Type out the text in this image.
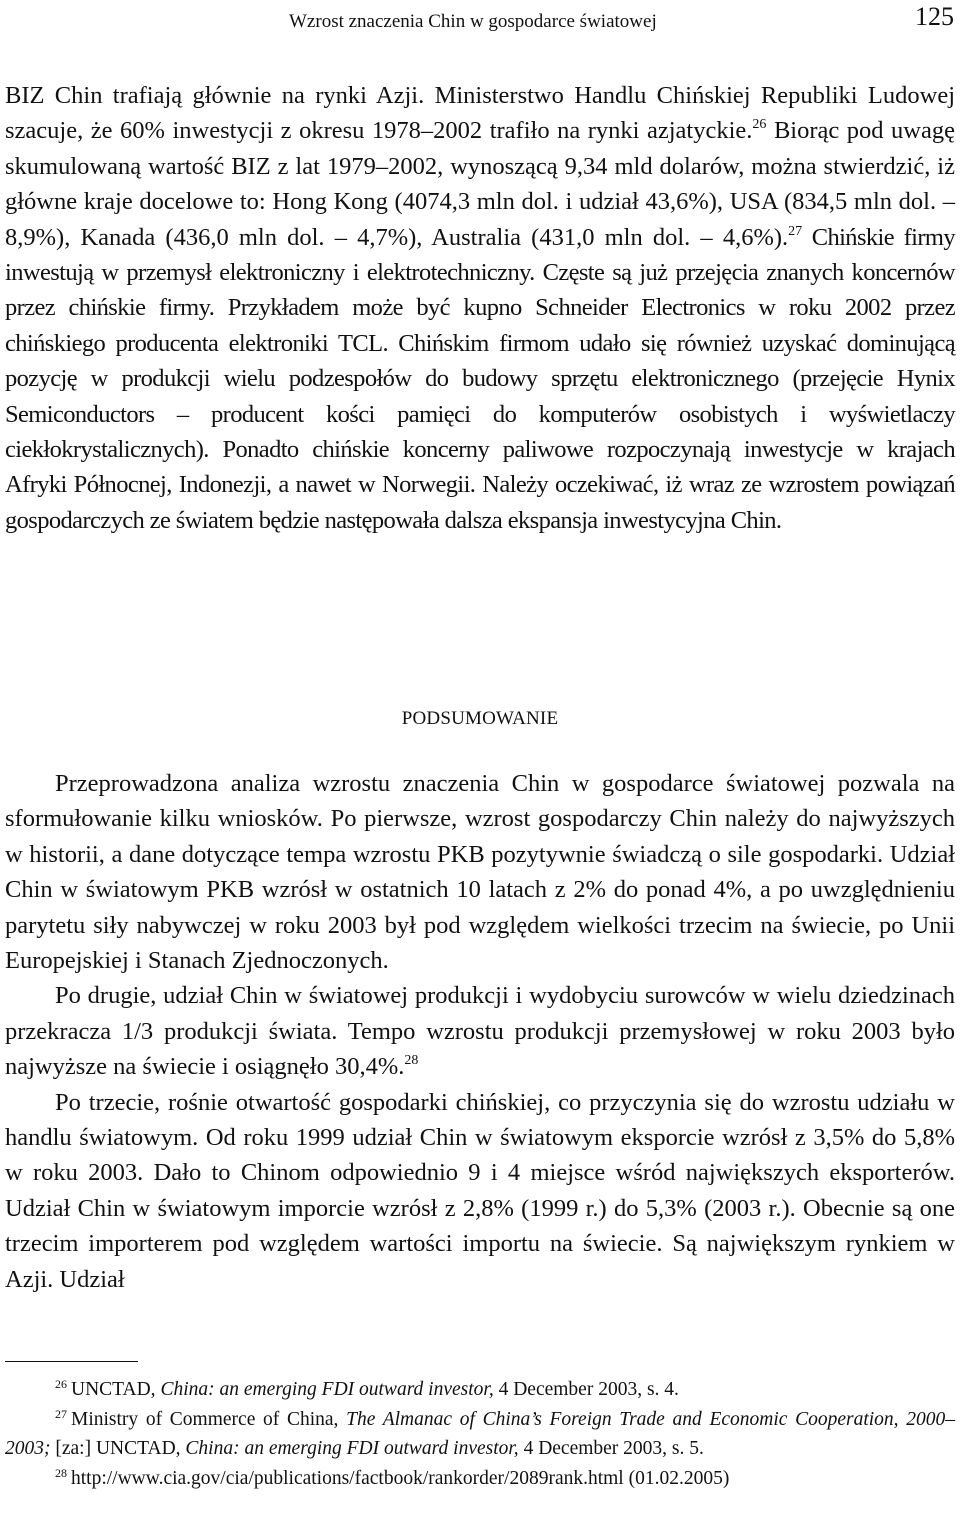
Wzrost znaczenia Chin w gospodarce światowej	125

BIZ Chin trafiają głównie na rynki Azji. Ministerstwo Handlu Chińskiej Republiki Ludowej szacuje, że 60% inwestycji z okresu 1978–2002 trafiło na rynki azjatyckie.$^{26}$ Biorąc pod uwagę skumulowaną wartość BIZ z lat 1979–2002, wynoszącą 9,34 mld dolarów, można stwierdzić, iż główne kraje docelowe to: Hong Kong (4074,3 mln dol. i udział 43,6%), USA (834,5 mln dol. – 8,9%), Kanada (436,0 mln dol. – 4,7%), Australia (431,0 mln dol. – 4,6%).$^{27}$ Chińskie firmy inwestują w przemysł elektroniczny i elektrotechniczny. Częste są już przejęcia znanych koncernów przez chińskie firmy. Przykładem może być kupno Schneider Electronics w roku 2002 przez chińskiego producenta elektroniki TCL. Chińskim firmom udało się również uzyskać dominującą pozycję w produkcji wielu podzespołów do budowy sprzętu elektronicznego (przejęcie Hynix Semiconductors – producent kości pamięci do komputerów osobistych i wyświetlaczy ciekłokrystalicznych). Ponadto chińskie koncerny paliwowe rozpoczynają inwestycje w krajach Afryki Północnej, Indonezji, a nawet w Norwegii. Należy oczekiwać, iż wraz ze wzrostem powiązań gospodarczych ze światem będzie następowała dalsza ekspansja inwestycyjna Chin.

PODSUMOWANIE

Przeprowadzona analiza wzrostu znaczenia Chin w gospodarce światowej pozwala na sformułowanie kilku wniosków. Po pierwsze, wzrost gospodarczy Chin należy do najwyższych w historii, a dane dotyczące tempa wzrostu PKB pozytywnie świadczą o sile gospodarki. Udział Chin w światowym PKB wzrósł w ostatnich 10 latach z 2% do ponad 4%, a po uwzględnieniu parytetu siły nabywczej w roku 2003 był pod względem wielkości trzecim na świecie, po Unii Europejskiej i Stanach Zjednoczonych.

Po drugie, udział Chin w światowej produkcji i wydobyciu surowców w wielu dziedzinach przekracza 1/3 produkcji świata. Tempo wzrostu produkcji przemysłowej w roku 2003 było najwyższe na świecie i osiągnęło 30,4%.$^{28}$

Po trzecie, rośnie otwartość gospodarki chińskiej, co przyczynia się do wzrostu udziału w handlu światowym. Od roku 1999 udział Chin w światowym eksporcie wzrósł z 3,5% do 5,8% w roku 2003. Dało to Chinom odpowiednio 9 i 4 miejsce wśród największych eksporterów. Udział Chin w światowym imporcie wzrósł z 2,8% (1999 r.) do 5,3% (2003 r.). Obecnie są one trzecim importerem pod względem wartości importu na świecie. Są największym rynkiem w Azji. Udział

$^{26}$ UNCTAD, China: an emerging FDI outward investor, 4 December 2003, s. 4.

$^{27}$ Ministry of Commerce of China, The Almanac of China’s Foreign Trade and Economic Cooperation, 2000–2003; [za:] UNCTAD, China: an emerging FDI outward investor, 4 December 2003, s. 5.

$^{28}$ http://www.cia.gov/cia/publications/factbook/rankorder/2089rank.html (01.02.2005)
